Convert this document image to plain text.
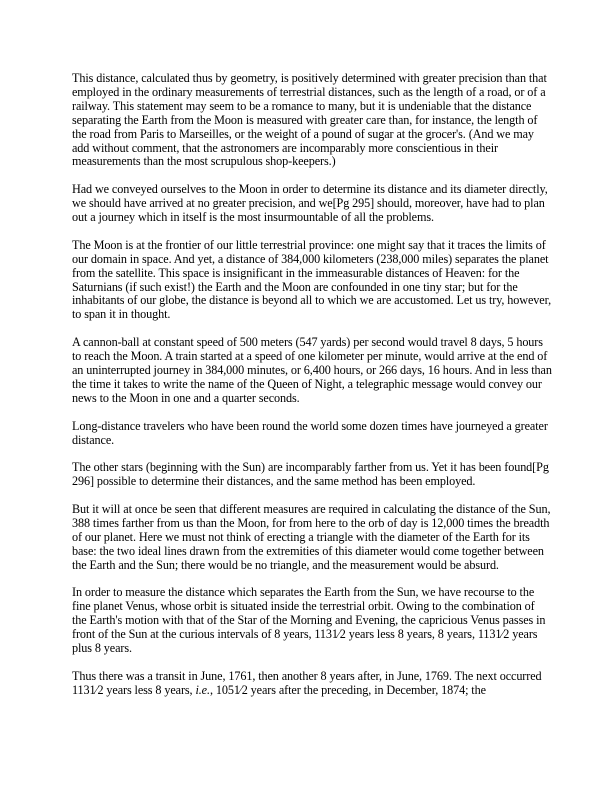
This distance, calculated thus by geometry, is positively determined with greater precision than that employed in the ordinary measurements of terrestrial distances, such as the length of a road, or of a railway. This statement may seem to be a romance to many, but it is undeniable that the distance separating the Earth from the Moon is measured with greater care than, for instance, the length of the road from Paris to Marseilles, or the weight of a pound of sugar at the grocer's. (And we may add without comment, that the astronomers are incomparably more conscientious in their measurements than the most scrupulous shop-keepers.)

Had we conveyed ourselves to the Moon in order to determine its distance and its diameter directly, we should have arrived at no greater precision, and we[Pg 295] should, moreover, have had to plan out a journey which in itself is the most insurmountable of all the problems.

The Moon is at the frontier of our little terrestrial province: one might say that it traces the limits of our domain in space. And yet, a distance of 384,000 kilometers (238,000 miles) separates the planet from the satellite. This space is insignificant in the immeasurable distances of Heaven: for the Saturnians (if such exist!) the Earth and the Moon are confounded in one tiny star; but for the inhabitants of our globe, the distance is beyond all to which we are accustomed. Let us try, however, to span it in thought.

A cannon-ball at constant speed of 500 meters (547 yards) per second would travel 8 days, 5 hours to reach the Moon. A train started at a speed of one kilometer per minute, would arrive at the end of an uninterrupted journey in 384,000 minutes, or 6,400 hours, or 266 days, 16 hours. And in less than the time it takes to write the name of the Queen of Night, a telegraphic message would convey our news to the Moon in one and a quarter seconds.

Long-distance travelers who have been round the world some dozen times have journeyed a greater distance.

The other stars (beginning with the Sun) are incomparably farther from us. Yet it has been found[Pg 296] possible to determine their distances, and the same method has been employed.

But it will at once be seen that different measures are required in calculating the distance of the Sun, 388 times farther from us than the Moon, for from here to the orb of day is 12,000 times the breadth of our planet. Here we must not think of erecting a triangle with the diameter of the Earth for its base: the two ideal lines drawn from the extremities of this diameter would come together between the Earth and the Sun; there would be no triangle, and the measurement would be absurd.

In order to measure the distance which separates the Earth from the Sun, we have recourse to the fine planet Venus, whose orbit is situated inside the terrestrial orbit. Owing to the combination of the Earth's motion with that of the Star of the Morning and Evening, the capricious Venus passes in front of the Sun at the curious intervals of 8 years, 1131⁄2 years less 8 years, 8 years, 1131⁄2 years plus 8 years.

Thus there was a transit in June, 1761, then another 8 years after, in June, 1769. The next occurred 1131⁄2 years less 8 years, i.e., 1051⁄2 years after the preceding, in December, 1874; the
